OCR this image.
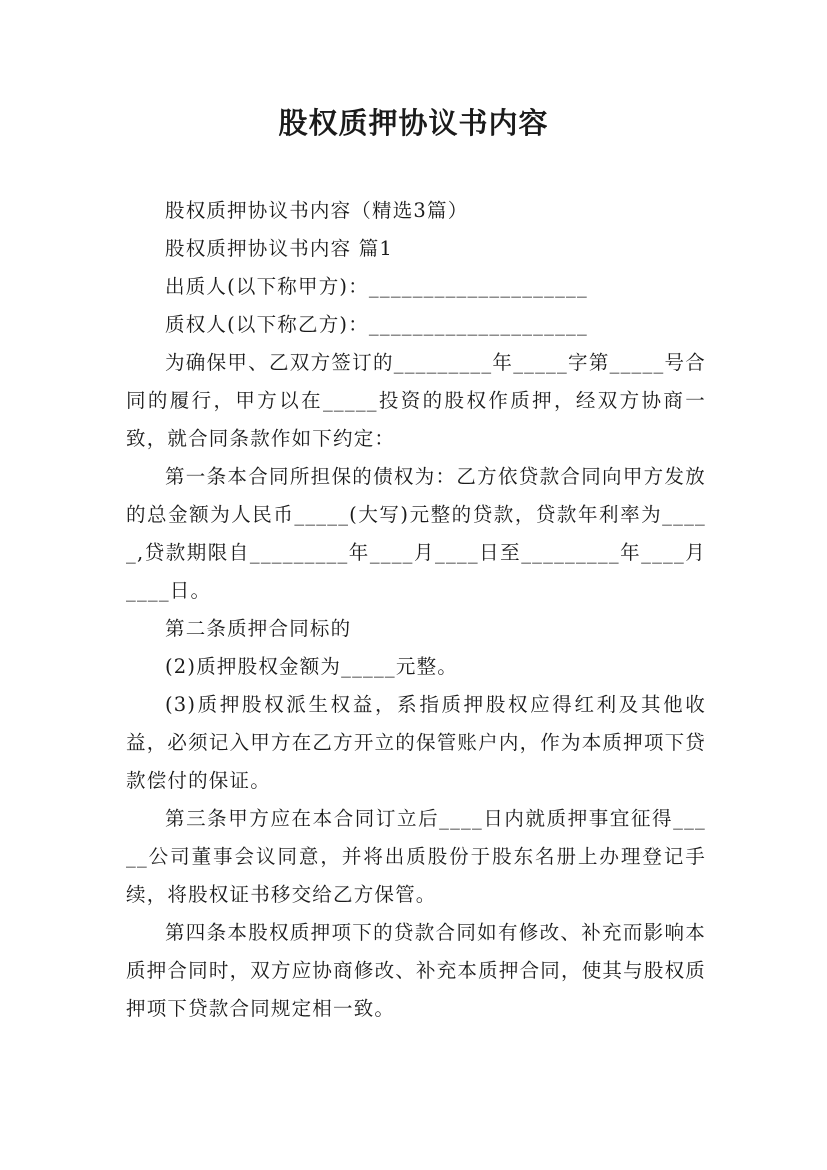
股权质押协议书内容

股权质押协议书内容（精选3篇）

股权质押协议书内容 篇1

出质人(以下称甲方)：____________________

质权人(以下称乙方)：____________________

为确保甲、乙双方签订的_________年_____字第_____号合同的履行，甲方以在_____投资的股权作质押，经双方协商一致，就合同条款作如下约定：

第一条本合同所担保的债权为：乙方依贷款合同向甲方发放的总金额为人民币_____(大写)元整的贷款，贷款年利率为_____,贷款期限自_________年____月____日至_________年____月____日。

第二条质押合同标的

(2)质押股权金额为_____元整。

(3)质押股权派生权益，系指质押股权应得红利及其他收益，必须记入甲方在乙方开立的保管账户内，作为本质押项下贷款偿付的保证。

第三条甲方应在本合同订立后____日内就质押事宜征得_____公司董事会议同意，并将出质股份于股东名册上办理登记手续，将股权证书移交给乙方保管。

第四条本股权质押项下的贷款合同如有修改、补充而影响本质押合同时，双方应协商修改、补充本质押合同，使其与股权质押项下贷款合同规定相一致。
